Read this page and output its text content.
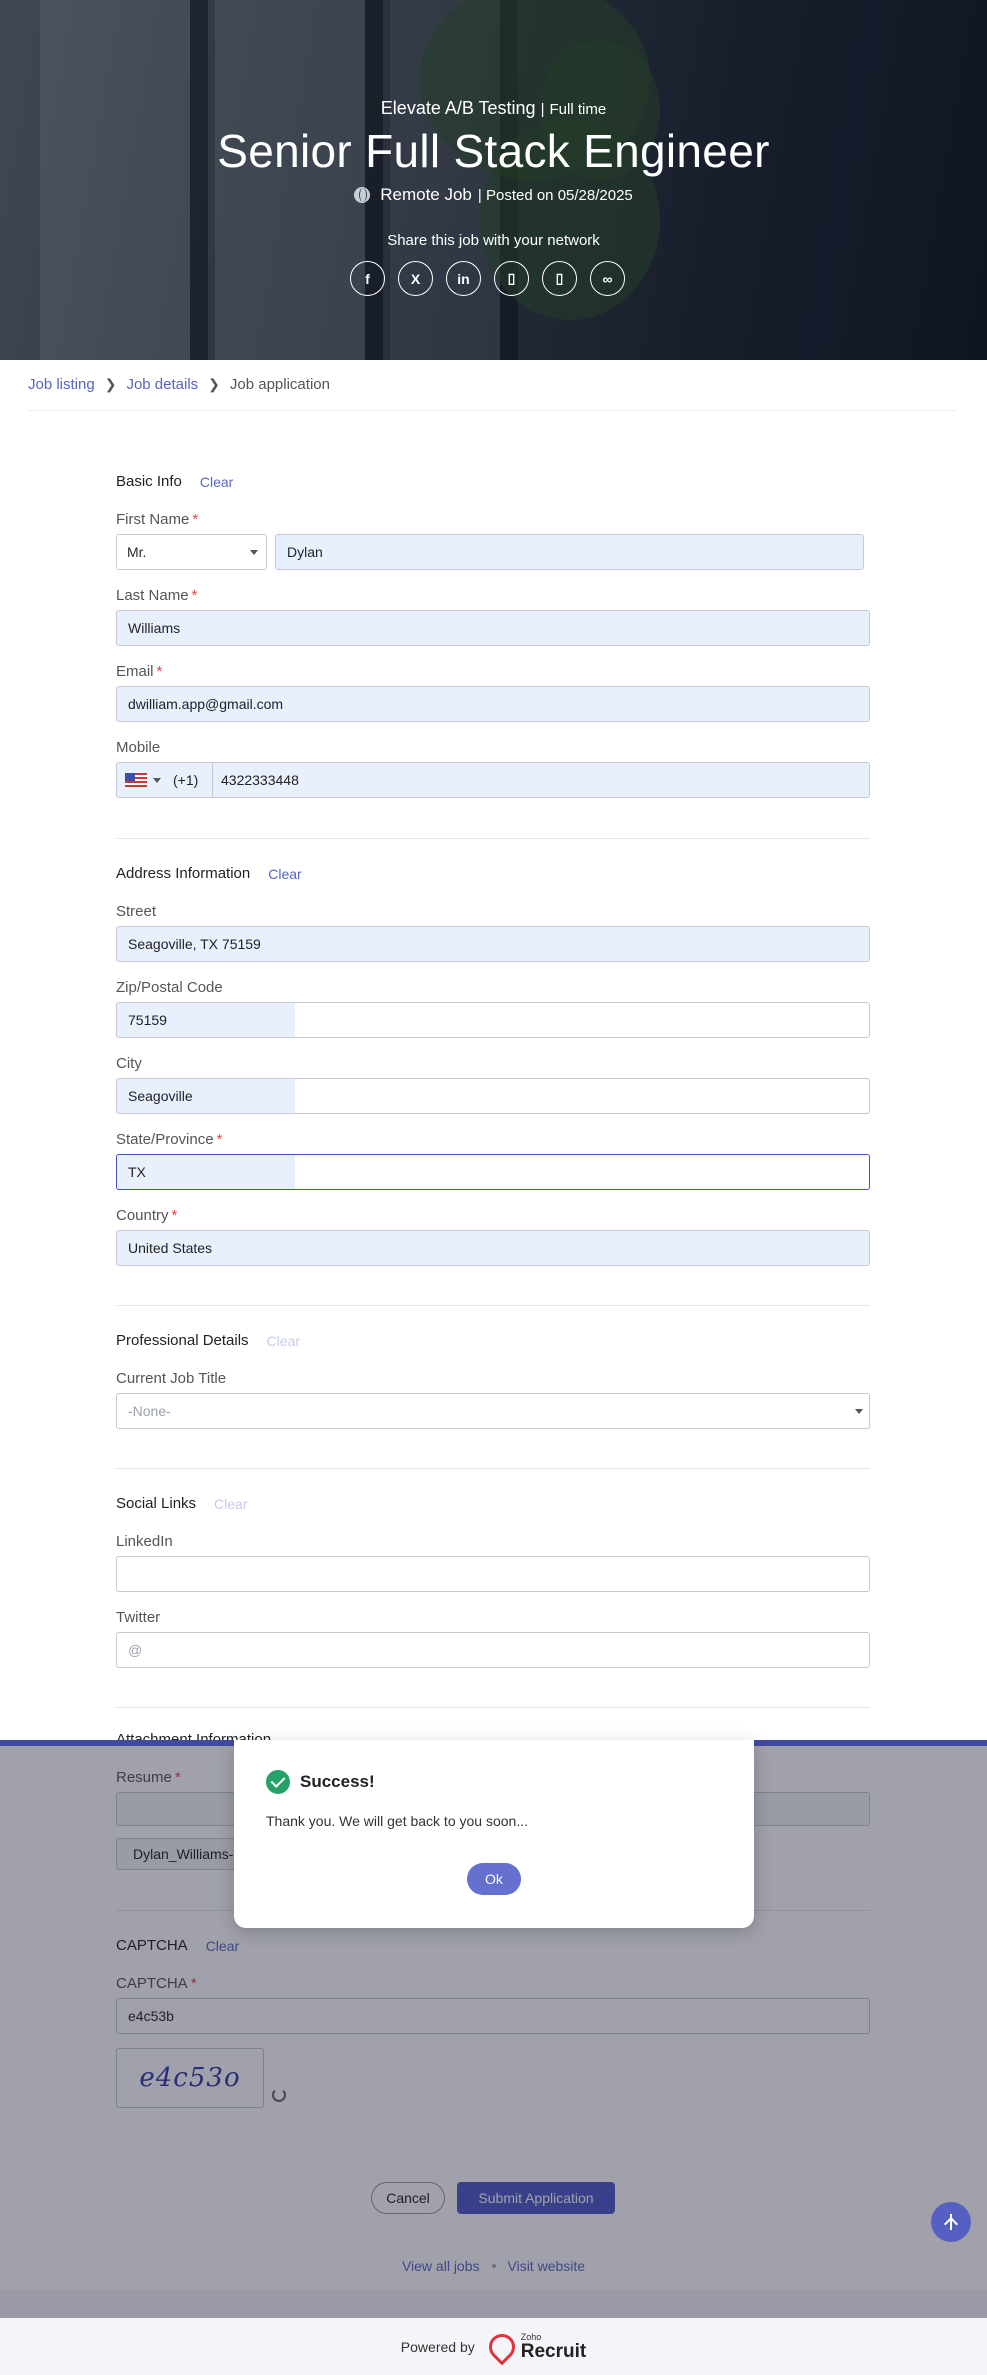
Elevate A/B Testing | Full time
Senior Full Stack Engineer
Remote Job | Posted on 05/28/2025
Share this job with your network
f	X	in	▯	▯	∞
Job listing ❯ Job details ❯ Job application
Basic Info Clear
First Name *
Mr.	Dylan
Last Name *
Williams
Email *
dwilliam.app@gmail.com
Mobile
(+1) 4322333448
Address Information Clear
Street
Seagoville, TX 75159
Zip/Postal Code
75159
City
Seagoville
State/Province *
TX
Country *
United States
Professional Details Clear
Current Job Title
-None-
Social Links Clear
LinkedIn
Twitter
@
Resume *
Dylan_Williams-
CAPTCHA Clear
CAPTCHA *
e4c53b
e4c53o
Cancel	Submit Application
View all jobs Visit website
Powered by
Zoho
Recruit
Success!
Thank you. We will get back to you soon...
Ok
